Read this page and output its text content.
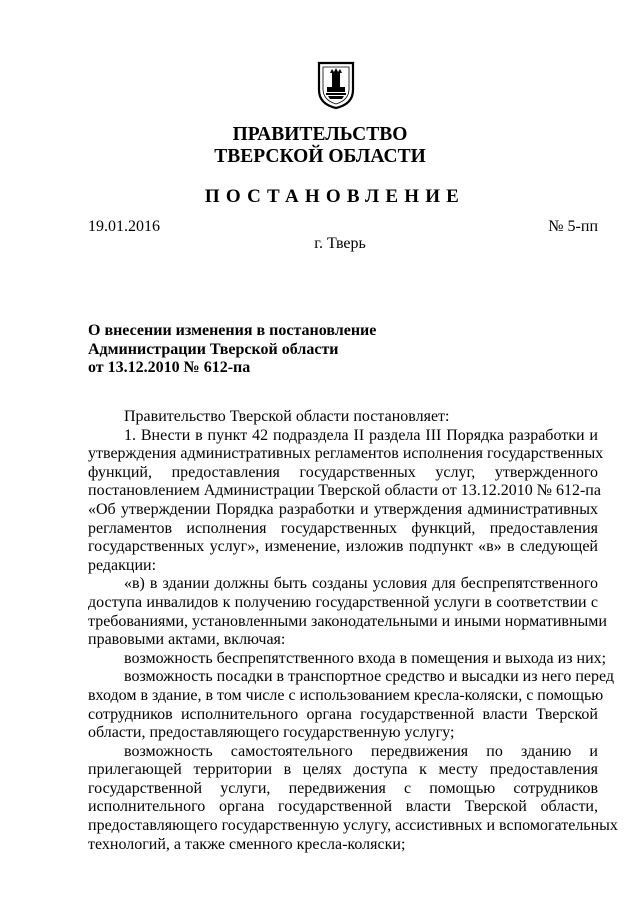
ПРАВИТЕЛЬСТВО
ТВЕРСКОЙ ОБЛАСТИ
ПОСТАНОВЛЕНИЕ
19.01.2016	№ 5-пп
г. Тверь
О внесении изменения в постановление
Администрации Тверской области
от 13.12.2010 № 612-па
Правительство Тверской области постановляет:
1. Внести в пункт 42 подраздела II раздела III Порядка разработки и
утверждения административных регламентов исполнения государственных
функций, предоставления государственных услуг, утвержденного
постановлением Администрации Тверской области от 13.12.2010 № 612-па
«Об утверждении Порядка разработки и утверждения административных
регламентов исполнения государственных функций, предоставления
государственных услуг», изменение, изложив подпункт «в» в следующей
редакции:
«в) в здании должны быть созданы условия для беспрепятственного
доступа инвалидов к получению государственной услуги в соответствии с
требованиями, установленными законодательными и иными нормативными
правовыми актами, включая:
возможность беспрепятственного входа в помещения и выхода из них;
возможность посадки в транспортное средство и высадки из него перед
входом в здание, в том числе с использованием кресла-коляски, с помощью
сотрудников исполнительного органа государственной власти Тверской
области, предоставляющего государственную услугу;
возможность самостоятельного передвижения по зданию и
прилегающей территории в целях доступа к месту предоставления
государственной услуги, передвижения с помощью сотрудников
исполнительного органа государственной власти Тверской области,
предоставляющего государственную услугу, ассистивных и вспомогательных
технологий, а также сменного кресла-коляски;
